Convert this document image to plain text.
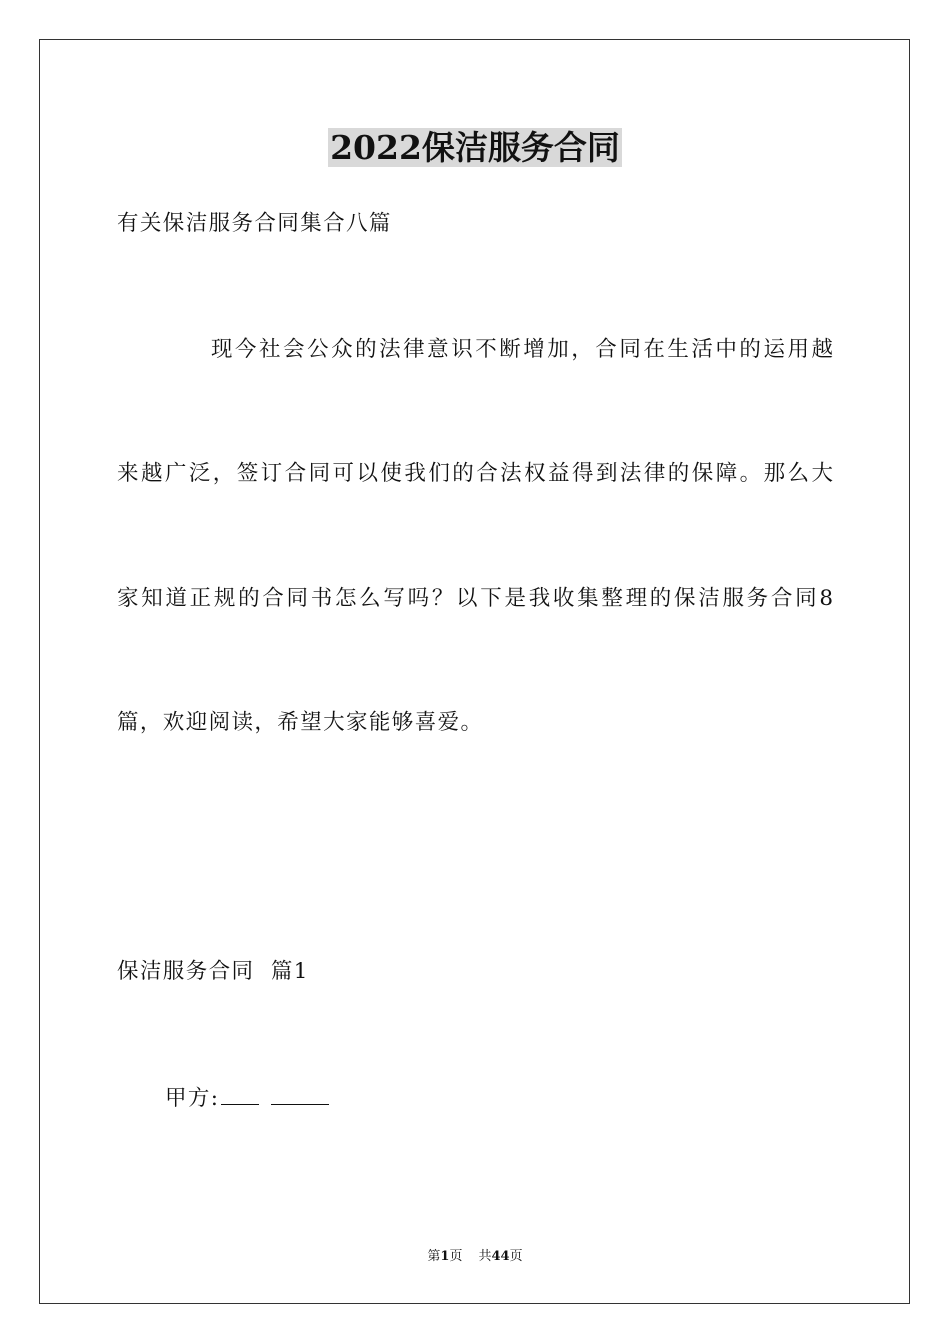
2022保洁服务合同
有关保洁服务合同集合八篇
现今社会公众的法律意识不断增加，合同在生活中的运用越
来越广泛，签订合同可以使我们的合法权益得到法律的保障。那么大
家知道正规的合同书怎么写吗？以下是我收集整理的保洁服务合同8
篇，欢迎阅读，希望大家能够喜爱。
保洁服务合同  篇1
甲方:
第1页 共44页
